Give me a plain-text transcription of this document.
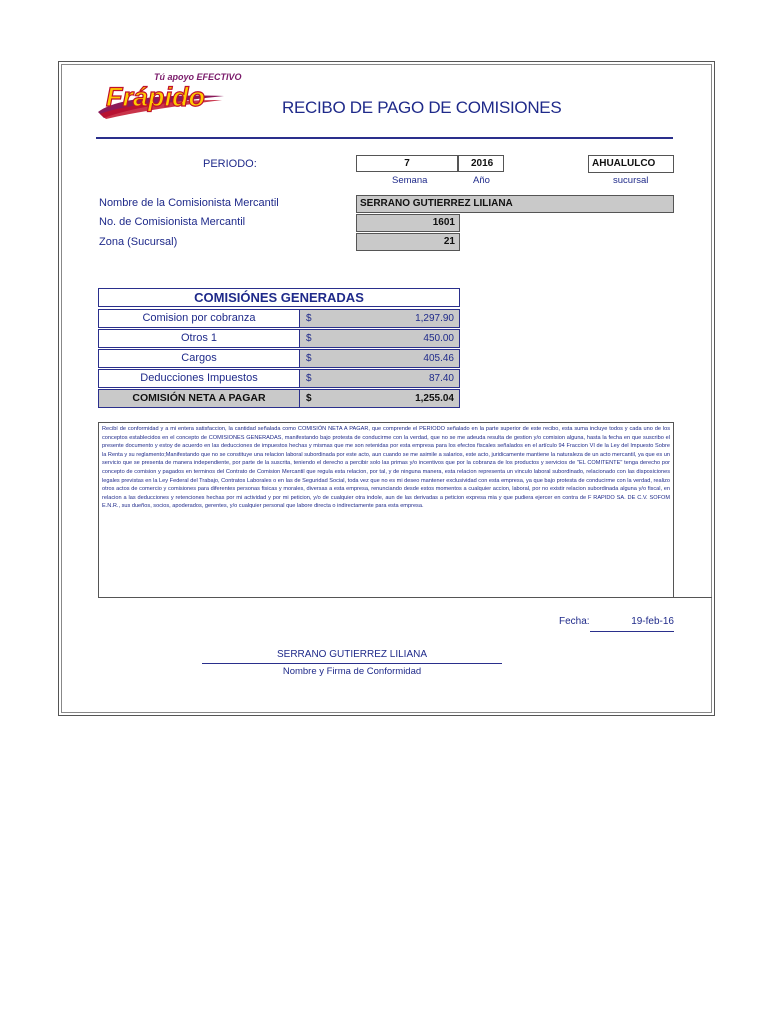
Tú apoyo EFECTIVO
Frápido	RECIBO DE PAGO DE COMISIONES
PERIODO:	7	2016	AHUALULCO
Semana	Año	sucursal
Nombre de la Comisionista Mercantil	SERRANO GUTIERREZ LILIANA
No. de Comisionista Mercantil	1601
Zona (Sucursal)	21
COMISIÓNES GENERADAS
Comision por cobranza	$	1,297.90
Otros 1	$	450.00
Cargos	$	405.46
Deducciones Impuestos	$	87.40
COMISIÓN NETA A PAGAR	$	1,255.04
Recibí de conformidad y a mi entera satisfaccion, la cantidad señalada como COMISIÓN NETA A PAGAR, que comprende el PERIODO señalado en la parte superior de este recibo, esta suma incluye todos y cada uno de los conceptos establecidos en el concepto de COMISIONES GENERADAS, manifestando bajo protesta de conducirme con la verdad, que no se me adeuda resulta de gestion y/o comision alguna, hasta la fecha en que suscribo el presente documento y estoy de acuerdo en las deducciones de impuestos hechas y mismas que me son retenidas por esta empresa para los efectos fiscales señalados en el artículo 94 Fraccion VI de la Ley del Impuesto Sobre la Renta y su reglamento;Manifestando que no se constituye una relacion laboral subordinada por este acto, aun cuando se me asimile a salarios, este acto, juridicamente mantiene la naturaleza de un acto mercantil, ya que es un servicio que se presenta de manera independiente, por parte de la suscrita, teniendo el derecho a percibir solo las primas y/o incentivos que por la cobranza de los productos y servicios de "EL COMITENTE" tenga derecho por concepto de comision y pagados en terminos del Contrato de Comision Mercantil que regula esta relacion, por tal, y de ninguna manera, esta relacion representa un vinculo laboral subordinado, relacionado con las disposiciones legales previstas en la Ley Federal del Trabajo, Contratos Laborales o en las de Seguridad Social, toda vez que no es mi deseo mantener exclusividad con esta empresa, ya que bajo protesta de conducirme con la verdad, realizo otros actos de comercio y comisiones para diferentes personas fisicas y morales, diversas a esta empresa, renunciando desde estos momentos a cualquier accion, laboral, por no existir relacion subordinada alguna y/o fiscal, en relacion a las deducciones y retenciones hechas por mi actividad y por mi peticion, y/o de cualquier otra indole, aun de las derivadas a peticion expresa mia y que pudiera ejercer en contra de F RAPIDO SA. DE C.V. SOFOM E.N.R., sus dueños, socios, apoderados, gerentes, y/o cualquier personal que labore directa o indirectamente para esta empresa.
Fecha:	19-feb-16
SERRANO GUTIERREZ LILIANA
Nombre y Firma de Conformidad
